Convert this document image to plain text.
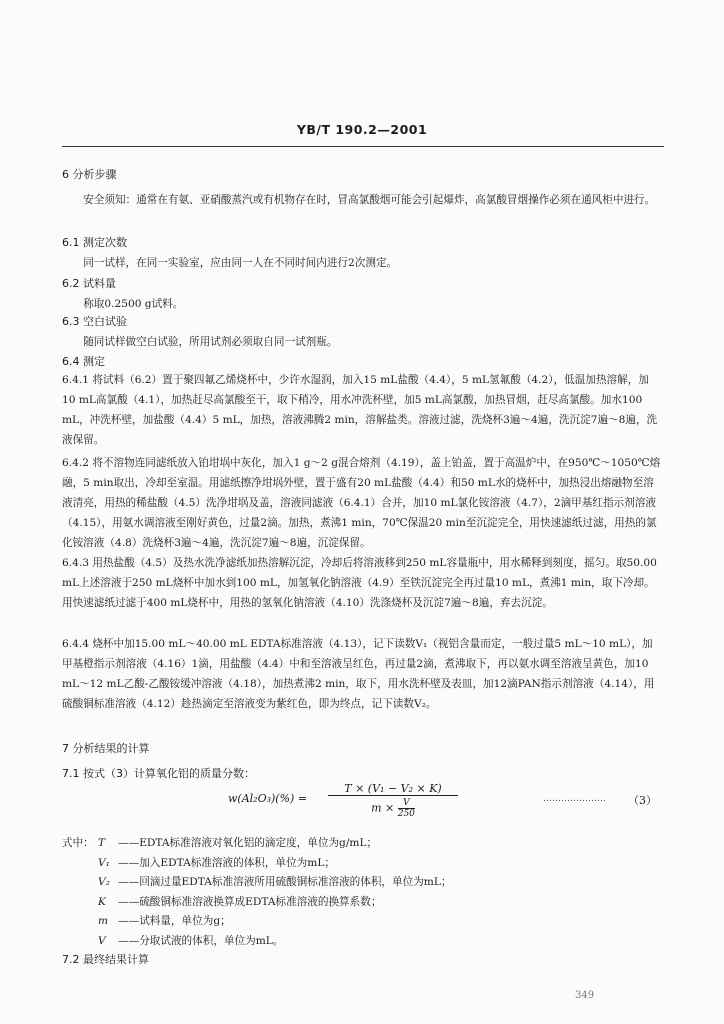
YB/T 190.2—2001
6 分析步骤
安全须知：通常在有氨、亚硝酸蒸汽或有机物存在时，冒高氯酸烟可能会引起爆炸，高氯酸冒烟操作必须在通风柜中进行。
6.1 测定次数
同一试样，在同一实验室，应由同一人在不同时间内进行2次测定。
6.2 试料量
称取0.2500 g试料。
6.3 空白试验
随同试样做空白试验，所用试剂必须取自同一试剂瓶。
6.4 测定
6.4.1 将试料（6.2）置于聚四氟乙烯烧杯中，少许水湿润，加入15 mL盐酸（4.4），5 mL氢氟酸（4.2），低温加热溶解，加10 mL高氯酸（4.1），加热赶尽高氯酸至干，取下稍冷，用水冲洗杯壁，加5 mL高氯酸，加热冒烟，赶尽高氯酸。加水100 mL，冲洗杯壁，加盐酸（4.4）5 mL，加热，溶液沸腾2 min，溶解盐类。溶液过滤，洗烧杯3遍～4遍，洗沉淀7遍～8遍，洗液保留。
6.4.2 将不溶物连同滤纸放入铂坩埚中灰化，加入1 g～2 g混合熔剂（4.19），盖上铂盖，置于高温炉中，在950℃～1050℃熔融，5 min取出，冷却至室温。用滤纸擦净坩埚外壁，置于盛有20 mL盐酸（4.4）和50 mL水的烧杯中，加热浸出熔融物至溶液清亮，用热的稀盐酸（4.5）洗净坩埚及盖，溶液同滤液（6.4.1）合并，加10 mL氯化铵溶液（4.7），2滴甲基红指示剂溶液（4.15），用氨水调溶液至刚好黄色，过量2滴。加热，煮沸1 min，70℃保温20 min至沉淀完全，用快速滤纸过滤，用热的氯化铵溶液（4.8）洗烧杯3遍～4遍，洗沉淀7遍～8遍，沉淀保留。
6.4.3 用热盐酸（4.5）及热水洗净滤纸加热溶解沉淀，冷却后将溶液移到250 mL容量瓶中，用水稀释到刻度，摇匀。取50.00 mL上述溶液于250 mL烧杯中加水到100 mL，加氢氧化钠溶液（4.9）至铁沉淀完全再过量10 mL，煮沸1 min，取下冷却。用快速滤纸过滤于400 mL烧杯中，用热的氢氧化钠溶液（4.10）洗涤烧杯及沉淀7遍～8遍，弃去沉淀。
6.4.4 烧杯中加15.00 mL～40.00 mL EDTA标准溶液（4.13），记下读数V₁（视铝含量而定，一般过量5 mL～10 mL），加甲基橙指示剂溶液（4.16）1滴，用盐酸（4.4）中和至溶液呈红色，再过量2滴，煮沸取下，再以氨水调至溶液呈黄色，加10 mL～12 mL乙酸-乙酸铵缓冲溶液（4.18），加热煮沸2 min，取下，用水洗杯壁及表皿，加12滴PAN指示剂溶液（4.14），用硫酸铜标准溶液（4.12）趁热滴定至溶液变为紫红色，即为终点，记下读数V₂。
7 分析结果的计算
7.1 按式（3）计算氧化铝的质量分数：
$w(Al_2O_3)(\%) = \frac{\text{T × (V₁ − V₂ × K)}}{m \times \frac{V}{250}}$	………………… （3）
式中： T ——EDTA标准溶液对氧化铝的滴定度，单位为g/mL；
V₁ ——加入EDTA标准溶液的体积，单位为mL；
V₂ ——回滴过量EDTA标准溶液所用硫酸铜标准溶液的体积，单位为mL；
K ——硫酸铜标准溶液换算成EDTA标准溶液的换算系数；
m ——试料量，单位为g；
V ——分取试液的体积，单位为mL。
7.2 最终结果计算
349
